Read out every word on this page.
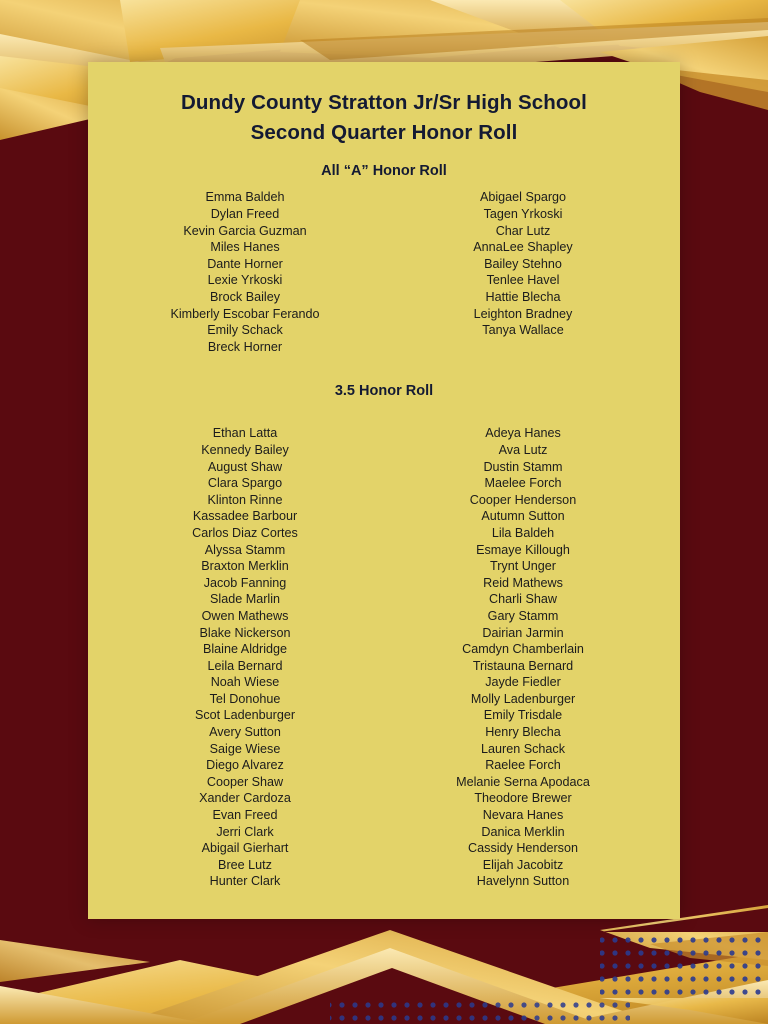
Dundy County Stratton Jr/Sr High School
Second Quarter Honor Roll
All “A” Honor Roll
Emma Baldeh
Dylan Freed
Kevin Garcia Guzman
Miles Hanes
Dante Horner
Lexie Yrkoski
Brock Bailey
Kimberly Escobar Ferando
Emily Schack
Breck Horner
Abigael Spargo
Tagen Yrkoski
Char Lutz
AnnaLee Shapley
Bailey Stehno
Tenlee Havel
Hattie Blecha
Leighton Bradney
Tanya Wallace
3.5 Honor Roll
Ethan Latta
Kennedy Bailey
August Shaw
Clara Spargo
Klinton Rinne
Kassadee Barbour
Carlos Diaz Cortes
Alyssa Stamm
Braxton Merklin
Jacob Fanning
Slade Marlin
Owen Mathews
Blake Nickerson
Blaine Aldridge
Leila Bernard
Noah Wiese
Tel Donohue
Scot Ladenburger
Avery Sutton
Saige Wiese
Diego Alvarez
Cooper Shaw
Xander Cardoza
Evan Freed
Jerri Clark
Abigail Gierhart
Bree Lutz
Hunter Clark
Adeya Hanes
Ava Lutz
Dustin Stamm
Maelee Forch
Cooper Henderson
Autumn Sutton
Lila Baldeh
Esmaye Killough
Trynt Unger
Reid Mathews
Charli Shaw
Gary Stamm
Dairian Jarmin
Camdyn Chamberlain
Tristauna Bernard
Jayde Fiedler
Molly Ladenburger
Emily Trisdale
Henry Blecha
Lauren Schack
Raelee Forch
Melanie Serna Apodaca
Theodore Brewer
Nevara Hanes
Danica Merklin
Cassidy Henderson
Elijah Jacobitz
Havelynn Sutton
